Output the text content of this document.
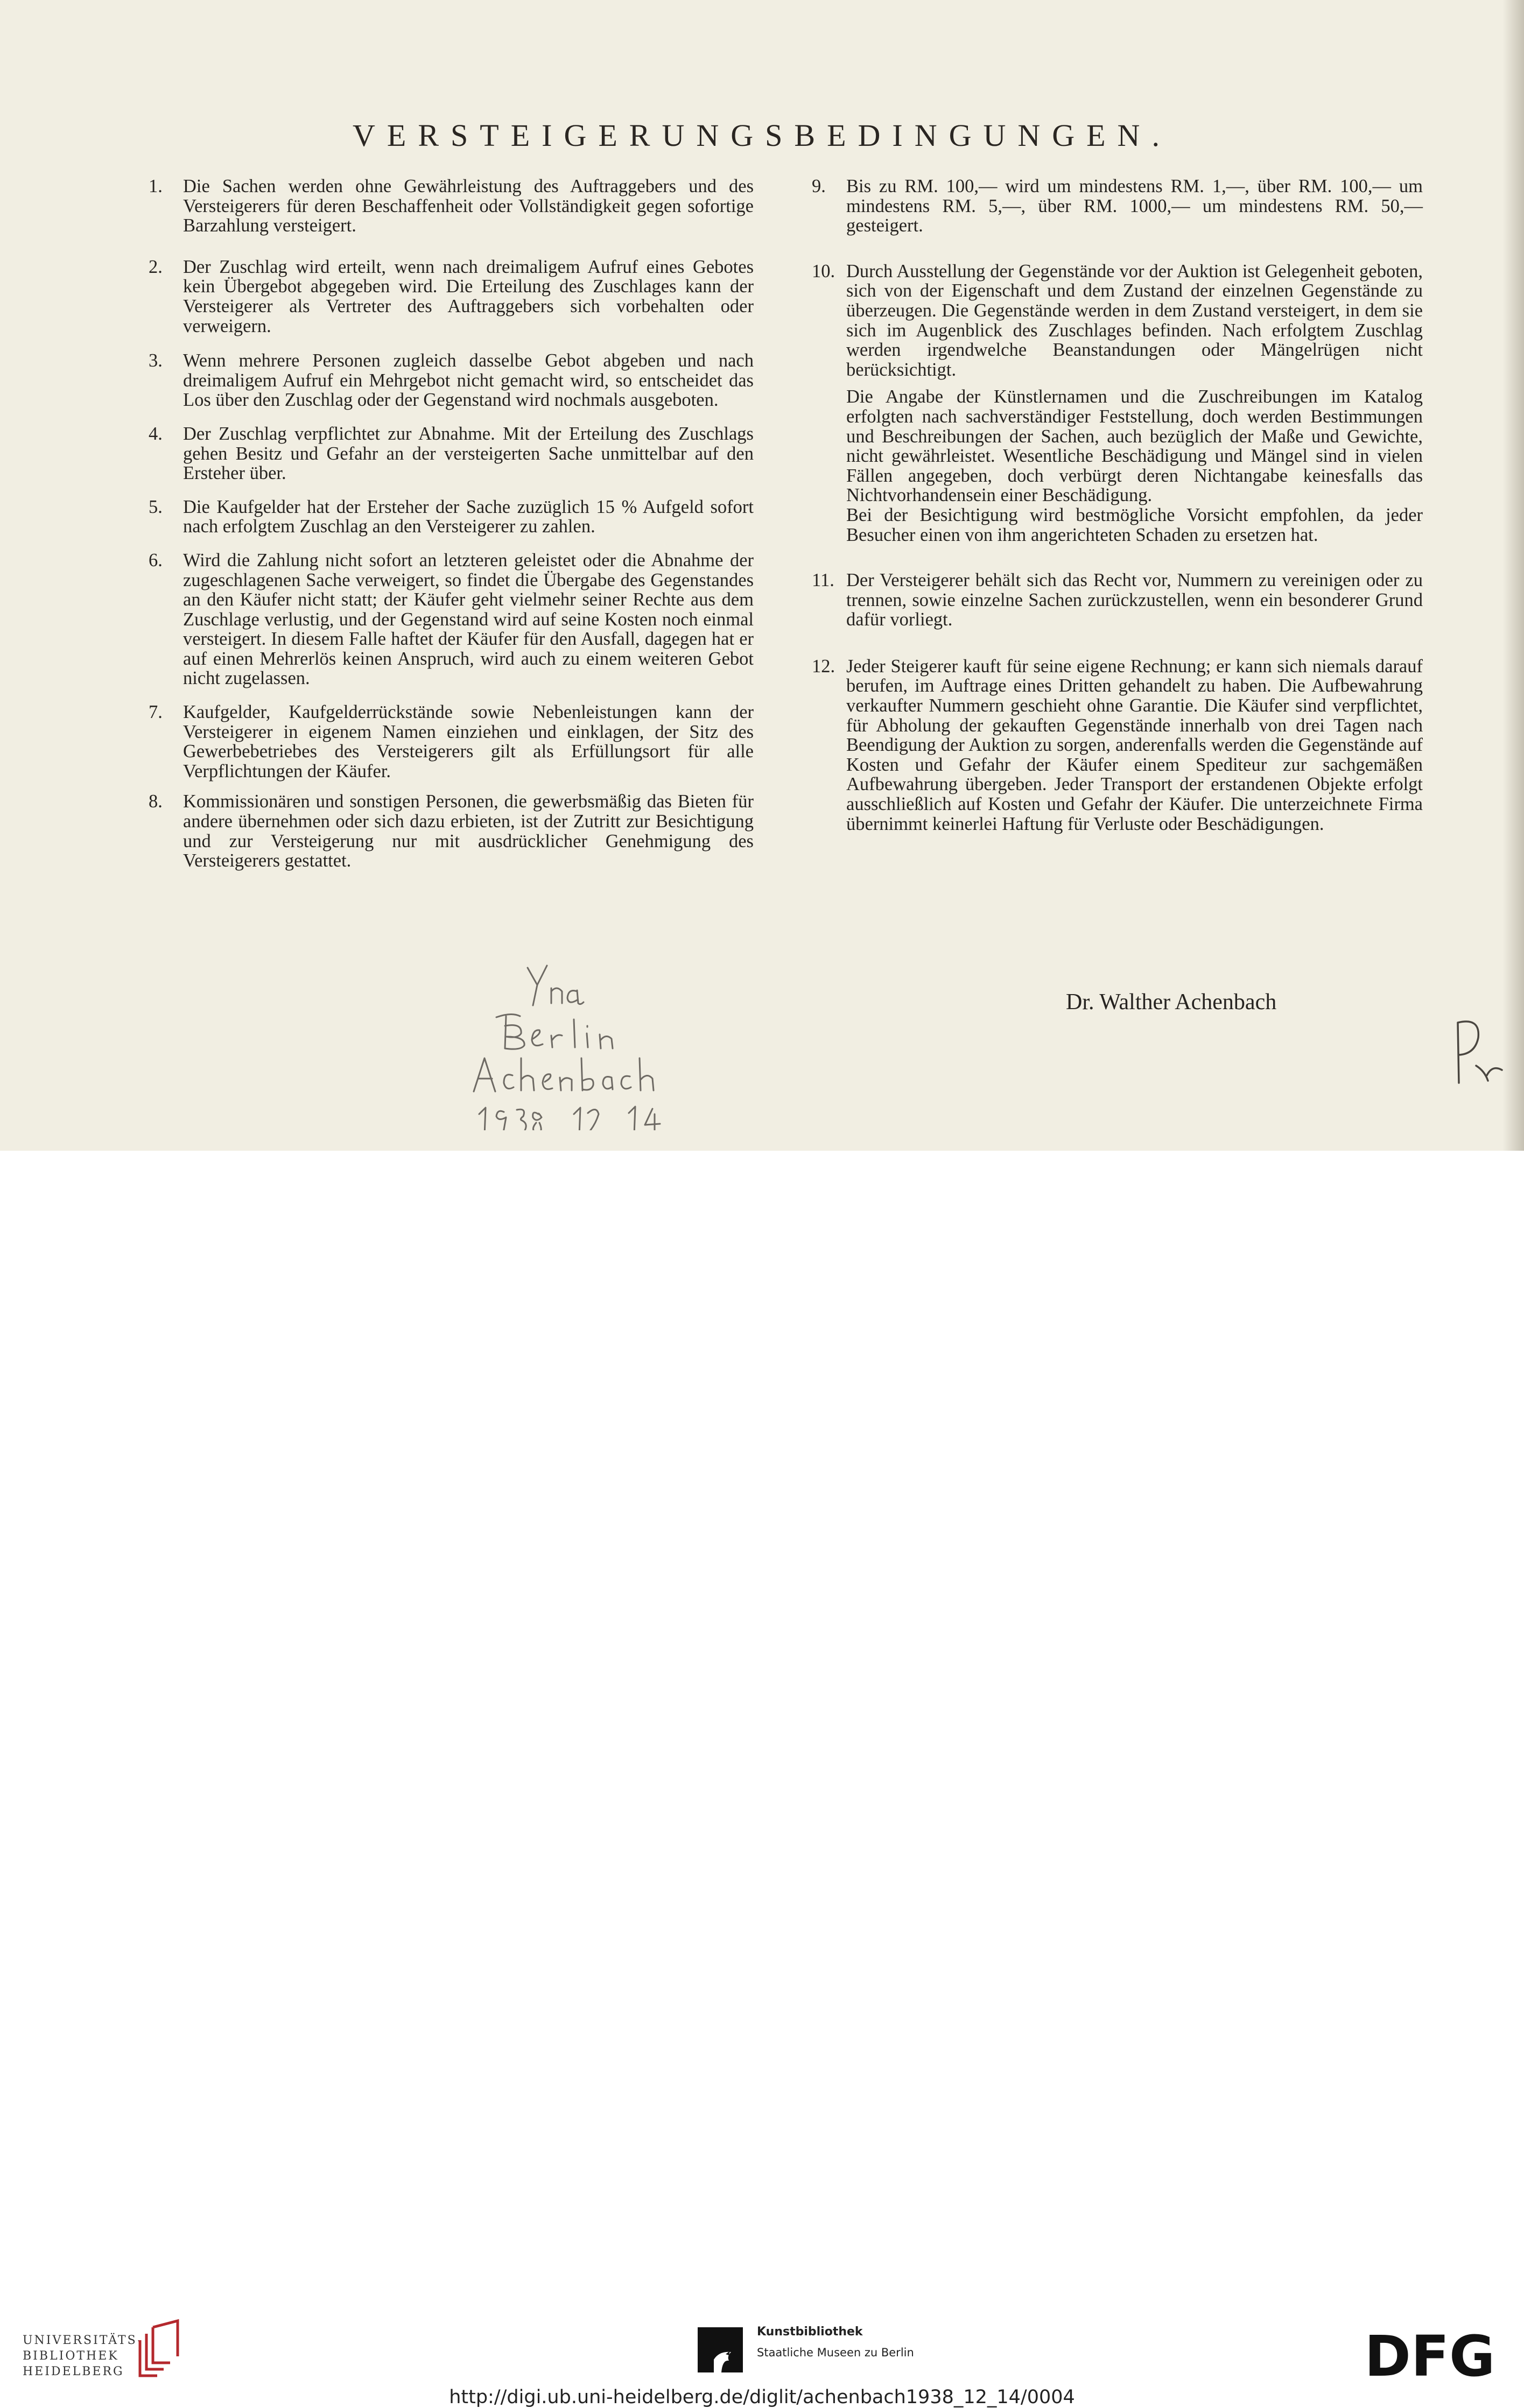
VERSTEIGERUNGSBEDINGUNGEN.
1. Die Sachen werden ohne Gewährleistung des Auftraggebers und des Versteigerers für deren Beschaffenheit oder Vollständigkeit gegen sofortige Barzahlung versteigert.

2. Der Zuschlag wird erteilt, wenn nach dreimaligem Aufruf eines Gebotes kein Übergebot abgegeben wird. Die Erteilung des Zuschlages kann der Versteigerer als Vertreter des Auftraggebers sich vorbehalten oder verweigern.

3. Wenn mehrere Personen zugleich dasselbe Gebot abgeben und nach dreimaligem Aufruf ein Mehrgebot nicht gemacht wird, so entscheidet das Los über den Zuschlag oder der Gegenstand wird nochmals ausgeboten.

4. Der Zuschlag verpflichtet zur Abnahme. Mit der Erteilung des Zuschlags gehen Besitz und Gefahr an der versteigerten Sache unmittelbar auf den Ersteher über.

5. Die Kaufgelder hat der Ersteher der Sache zuzüglich 15 % Aufgeld sofort nach erfolgtem Zuschlag an den Versteigerer zu zahlen.

6. Wird die Zahlung nicht sofort an letzteren geleistet oder die Abnahme der zugeschlagenen Sache verweigert, so findet die Übergabe des Gegenstandes an den Käufer nicht statt; der Käufer geht vielmehr seiner Rechte aus dem Zuschlage verlustig, und der Gegenstand wird auf seine Kosten noch einmal versteigert. In diesem Falle haftet der Käufer für den Ausfall, dagegen hat er auf einen Mehrerlös keinen Anspruch, wird auch zu einem weiteren Gebot nicht zugelassen.

7. Kaufgelder, Kaufgelderrückstände sowie Nebenleistungen kann der Versteigerer in eigenem Namen einziehen und einklagen, der Sitz des Gewerbebetriebes des Versteigerers gilt als Erfüllungsort für alle Verpflichtungen der Käufer.

8. Kommissionären und sonstigen Personen, die gewerbsmäßig das Bieten für andere übernehmen oder sich dazu erbieten, ist der Zutritt zur Besichtigung und zur Versteigerung nur mit ausdrücklicher Genehmigung des Versteigerers gestattet.

9. Bis zu RM. 100,— wird um mindestens RM. 1,—, über RM. 100,— um mindestens RM. 5,—, über RM. 1000,— um mindestens RM. 50,— gesteigert.

10. Durch Ausstellung der Gegenstände vor der Auktion ist Gelegenheit geboten, sich von der Eigenschaft und dem Zustand der einzelnen Gegenstände zu überzeugen. Die Gegenstände werden in dem Zustand versteigert, in dem sie sich im Augenblick des Zuschlages befinden. Nach erfolgtem Zuschlag werden irgendwelche Beanstandungen oder Mängelrügen nicht berücksichtigt.

Die Angabe der Künstlernamen und die Zuschreibungen im Katalog erfolgten nach sachverständiger Feststellung, doch werden Bestimmungen und Beschreibungen der Sachen, auch bezüglich der Maße und Gewichte, nicht gewährleistet. Wesentliche Beschädigung und Mängel sind in vielen Fällen angegeben, doch verbürgt deren Nichtangabe keinesfalls das Nichtvorhandensein einer Beschädigung.

Bei der Besichtigung wird bestmögliche Vorsicht empfohlen, da jeder Besucher einen von ihm angerichteten Schaden zu ersetzen hat.

11. Der Versteigerer behält sich das Recht vor, Nummern zu vereinigen oder zu trennen, sowie einzelne Sachen zurückzustellen, wenn ein besonderer Grund dafür vorliegt.

12. Jeder Steigerer kauft für seine eigene Rechnung; er kann sich niemals darauf berufen, im Auftrage eines Dritten gehandelt zu haben. Die Aufbewahrung verkaufter Nummern geschieht ohne Garantie. Die Käufer sind verpflichtet, für Abholung der gekauften Gegenstände innerhalb von drei Tagen nach Beendigung der Auktion zu sorgen, anderenfalls werden die Gegenstände auf Kosten und Gefahr der Käufer einem Spediteur zur sachgemäßen Aufbewahrung übergeben. Jeder Transport der erstandenen Objekte erfolgt ausschließlich auf Kosten und Gefahr der Käufer. Die unterzeichnete Firma übernimmt keinerlei Haftung für Verluste oder Beschädigungen.

Dr. Walther Achenbach
UNIVERSITÄTS-
BIBLIOTHEK
HEIDELBERG
Kunstbibliothek
Staatliche Museen zu Berlin	DFG
http://digi.ub.uni-heidelberg.de/diglit/achenbach1938_12_14/0004
